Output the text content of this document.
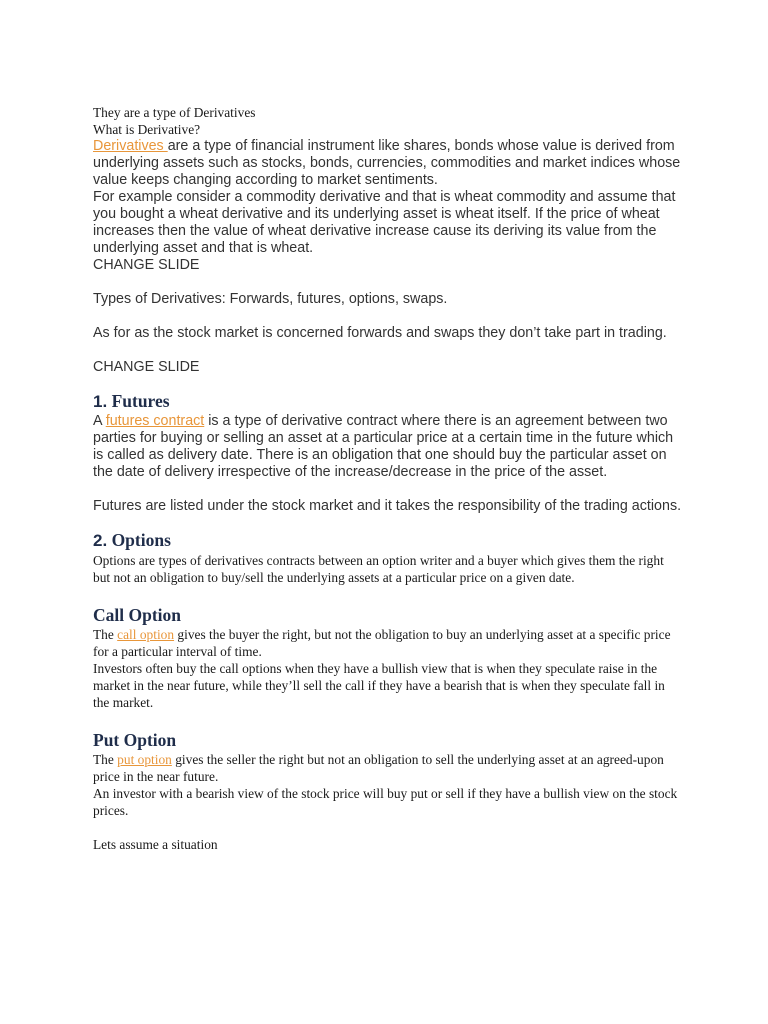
They are a type of Derivatives

What is Derivative?

Derivatives are a type of financial instrument like shares, bonds whose value is derived from underlying assets such as stocks, bonds, currencies, commodities and market indices whose value keeps changing according to market sentiments.

For example consider a commodity derivative and that is wheat commodity and assume that you bought a wheat derivative and its underlying asset is wheat itself. If the price of wheat increases then the value of wheat derivative increase cause its deriving its value from the underlying asset and that is wheat.

CHANGE SLIDE

Types of Derivatives: Forwards, futures, options, swaps.

As for as the stock market is concerned forwards and swaps they don’t take part in trading.

CHANGE SLIDE

1. Futures

A futures contract is a type of derivative contract where there is an agreement between two parties for buying or selling an asset at a particular price at a certain time in the future which is called as delivery date. There is an obligation that one should buy the particular asset on the date of delivery irrespective of the increase/decrease in the price of the asset.

Futures are listed under the stock market and it takes the responsibility of the trading actions.

2. Options

Options are types of derivatives contracts between an option writer and a buyer which gives them the right but not an obligation to buy/sell the underlying assets at a particular price on a given date.

Call Option

The call option gives the buyer the right, but not the obligation to buy an underlying asset at a specific price for a particular interval of time.

Investors often buy the call options when they have a bullish view that is when they speculate raise in the market in the near future, while they’ll sell the call if they have a bearish that is when they speculate fall in the market.

Put Option

The put option gives the seller the right but not an obligation to sell the underlying asset at an agreed-upon price in the near future.

An investor with a bearish view of the stock price will buy put or sell if they have a bullish view on the stock prices.

Lets assume a situation
